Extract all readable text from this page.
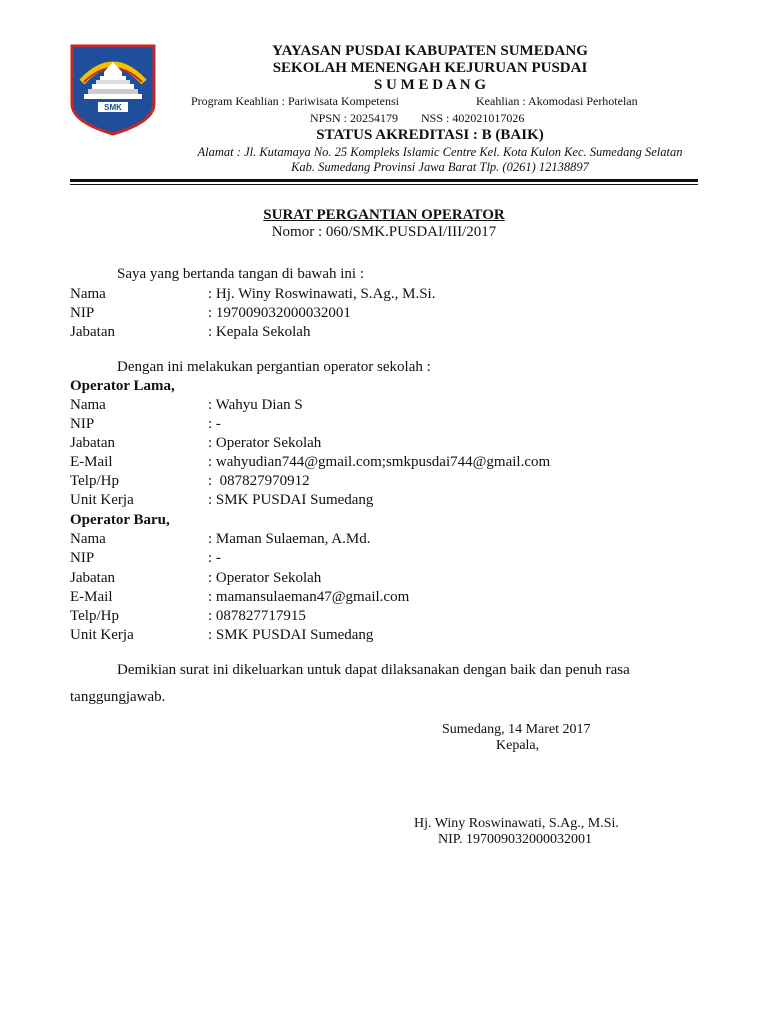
SMK
YAYASAN PUSDAI KABUPATEN SUMEDANG
SEKOLAH MENENGAH KEJURUAN PUSDAI
S U M E D A N G
Program Keahlian : Pariwisata Kompetensi	Keahlian : Akomodasi Perhotelan
NPSN : 20254179 NSS : 402021017026
STATUS AKREDITASI : B (BAIK)
Alamat : Jl. Kutamaya No. 25 Kompleks Islamic Centre Kel. Kota Kulon Kec. Sumedang Selatan
Kab. Sumedang Provinsi Jawa Barat Tlp. (0261) 12138897
SURAT PERGANTIAN OPERATOR
Nomor : 060/SMK.PUSDAI/III/2017
Saya yang bertanda tangan di bawah ini :
Nama	: Hj. Winy Roswinawati, S.Ag., M.Si.
NIP	: 197009032000032001
Jabatan	: Kepala Sekolah
Dengan ini melakukan pergantian operator sekolah :
Operator Lama,
Nama	: Wahyu Dian S
NIP	: -
Jabatan	: Operator Sekolah
E-Mail	: wahyudian744@gmail.com;smkpusdai744@gmail.com
Telp/Hp	:  087827970912
Unit Kerja	: SMK PUSDAI Sumedang
Operator Baru,
Nama	: Maman Sulaeman, A.Md.
NIP	: -
Jabatan	: Operator Sekolah
E-Mail	: mamansulaeman47@gmail.com
Telp/Hp	: 087827717915
Unit Kerja	: SMK PUSDAI Sumedang
Demikian surat ini dikeluarkan untuk dapat dilaksanakan dengan baik dan penuh rasa
tanggungjawab.
Sumedang, 14 Maret 2017
Kepala,
Hj. Winy Roswinawati, S.Ag., M.Si.
NIP. 197009032000032001
